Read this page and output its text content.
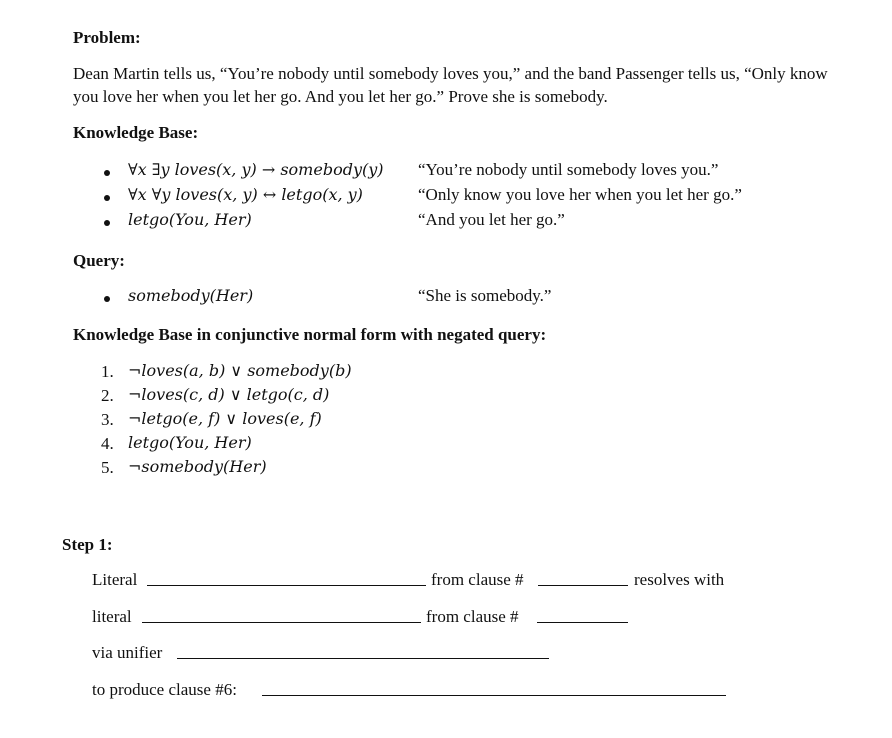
Problem:
Dean Martin tells us, “You’re nobody until somebody loves you,” and the band Passenger tells us, “Only know you love her when you let her go. And you let her go.” Prove she is somebody.
Knowledge Base:
∀x ∃y loves(x, y) → somebody(y) “You’re nobody until somebody loves you.”
∀x ∀y loves(x, y) ↔ letgo(x, y)	“Only know you love her when you let her go.”
letgo(You, Her)	“And you let her go.”
Query:
somebody(Her)	“She is somebody.”
Knowledge Base in conjunctive normal form with negated query:
1. ¬loves(a, b) ∨ somebody(b)
2. ¬loves(c, d) ∨ letgo(c, d)
3. ¬letgo(e, f) ∨ loves(e, f)
4. letgo(You, Her)
5. ¬somebody(Her)
Step 1:
Literal	from clause #	resolves with
literal	from clause #
via unifier
to produce clause #6:
